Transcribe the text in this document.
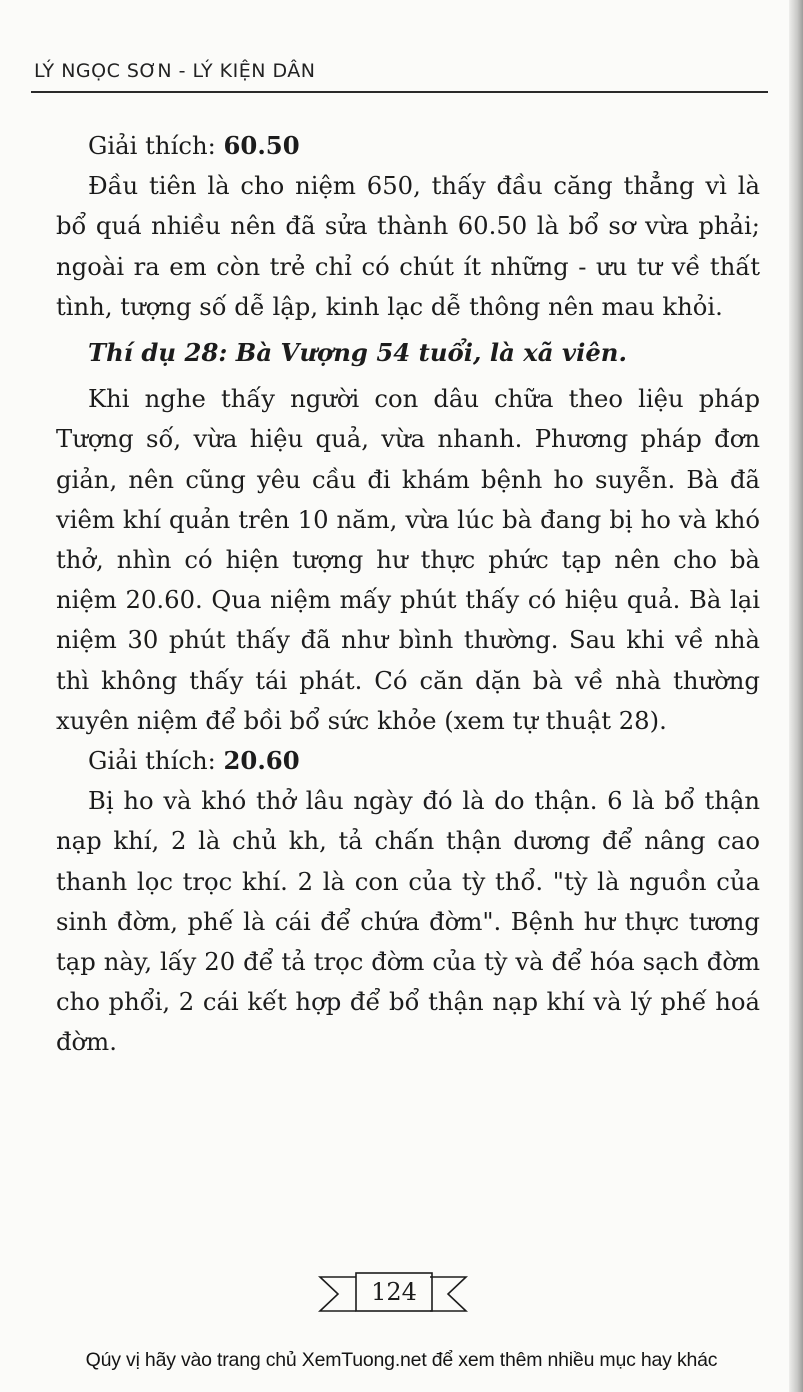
LÝ NGỌC SƠN - LÝ KIỆN DÂN

Giải thích: 60.50

Đầu tiên là cho niệm 650, thấy đầu căng thẳng vì là bổ quá nhiều nên đã sửa thành 60.50 là bổ sơ vừa phải; ngoài ra em còn trẻ chỉ có chút ít những - ưu tư về thất tình, tượng số dễ lập, kinh lạc dễ thông nên mau khỏi.

Thí dụ 28: Bà Vượng 54 tuổi, là xã viên.

Khi nghe thấy người con dâu chữa theo liệu pháp Tượng số, vừa hiệu quả, vừa nhanh. Phương pháp đơn giản, nên cũng yêu cầu đi khám bệnh ho suyễn. Bà đã viêm khí quản trên 10 năm, vừa lúc bà đang bị ho và khó thở, nhìn có hiện tượng hư thực phức tạp nên cho bà niệm 20.60. Qua niệm mấy phút thấy có hiệu quả. Bà lại niệm 30 phút thấy đã như bình thường. Sau khi về nhà thì không thấy tái phát. Có căn dặn bà về nhà thường xuyên niệm để bồi bổ sức khỏe (xem tự thuật 28).

Giải thích: 20.60

Bị ho và khó thở lâu ngày đó là do thận. 6 là bổ thận nạp khí, 2 là chủ kh, tả chấn thận dương để nâng cao thanh lọc trọc khí. 2 là con của tỳ thổ. "tỳ là nguồn của sinh đờm, phế là cái để chứa đờm". Bệnh hư thực tương tạp này, lấy 20 để tả trọc đờm của tỳ và để hóa sạch đờm cho phổi, 2 cái kết hợp để bổ thận nạp khí và lý phế hoá đờm.

124
Qúy vị hãy vào trang chủ XemTuong.net để xem thêm nhiều mục hay khác
